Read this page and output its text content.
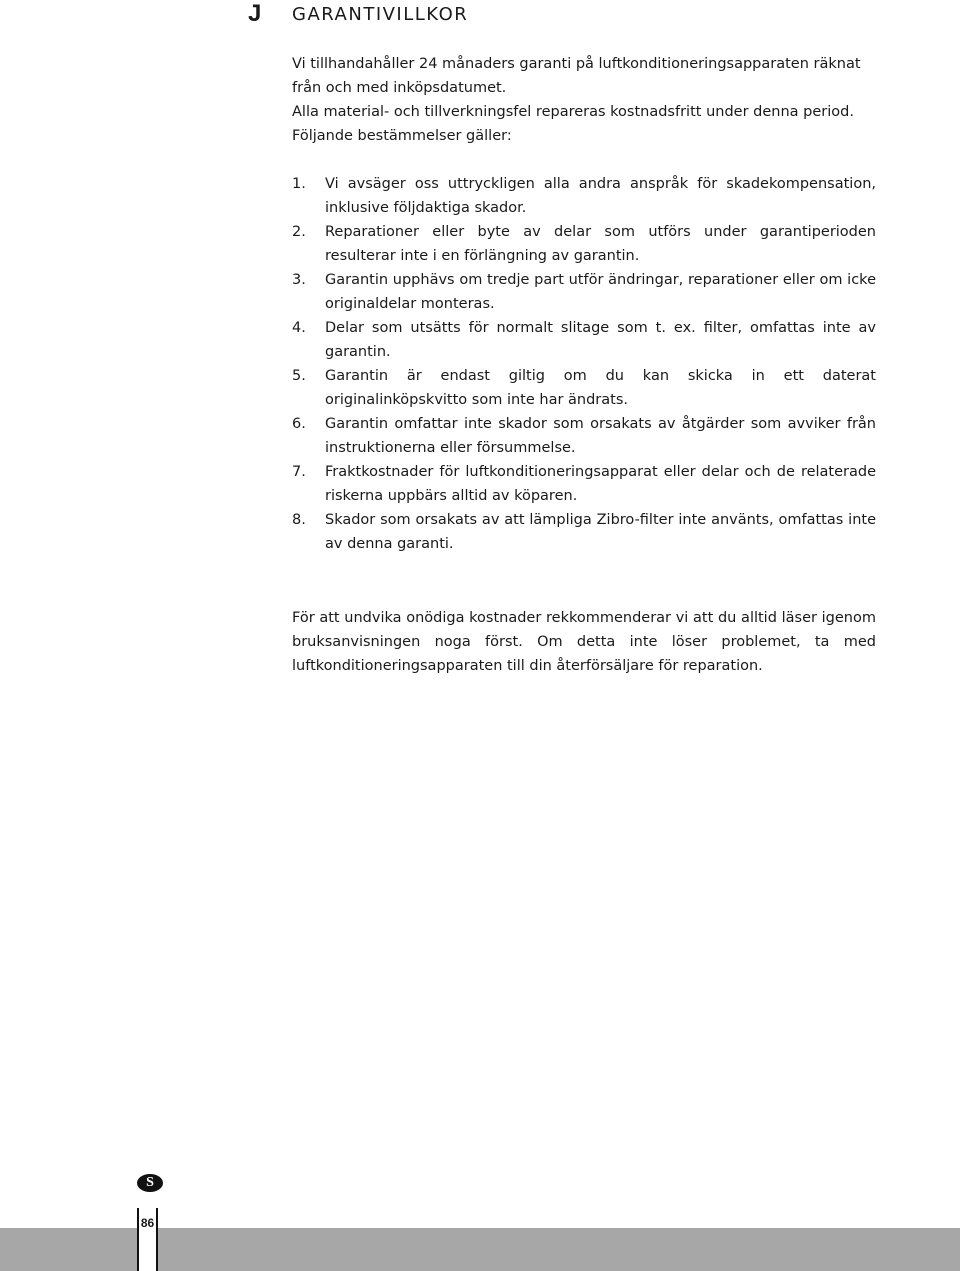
J GARANTIVILLKOR

Vi tillhandahåller 24 månaders garanti på luftkonditioneringsapparaten räknat från och med inköpsdatumet.

Alla material- och tillverkningsfel repareras kostnadsfritt under denna period.

Följande bestämmelser gäller:

1. Vi avsäger oss uttryckligen alla andra anspråk för skadekompensation, inklusive följdaktiga skador.
2. Reparationer eller byte av delar som utförs under garantiperioden resulterar inte i en förlängning av garantin.
3. Garantin upphävs om tredje part utför ändringar, reparationer eller om icke originaldelar monteras.
4. Delar som utsätts för normalt slitage som t. ex. filter, omfattas inte av garantin.
5. Garantin är endast giltig om du kan skicka in ett daterat originalinköpskvitto som inte har ändrats.
6. Garantin omfattar inte skador som orsakats av åtgärder som avviker från instruktionerna eller försummelse.
7. Fraktkostnader för luftkonditioneringsapparat eller delar och de relaterade riskerna uppbärs alltid av köparen.
8. Skador som orsakats av att lämpliga Zibro-filter inte använts, omfattas inte av denna garanti.

För att undvika onödiga kostnader rekkommenderar vi att du alltid läser igenom bruksanvisningen noga först. Om detta inte löser problemet, ta med luftkonditioneringsapparaten till din återförsäljare för reparation.

S
86
